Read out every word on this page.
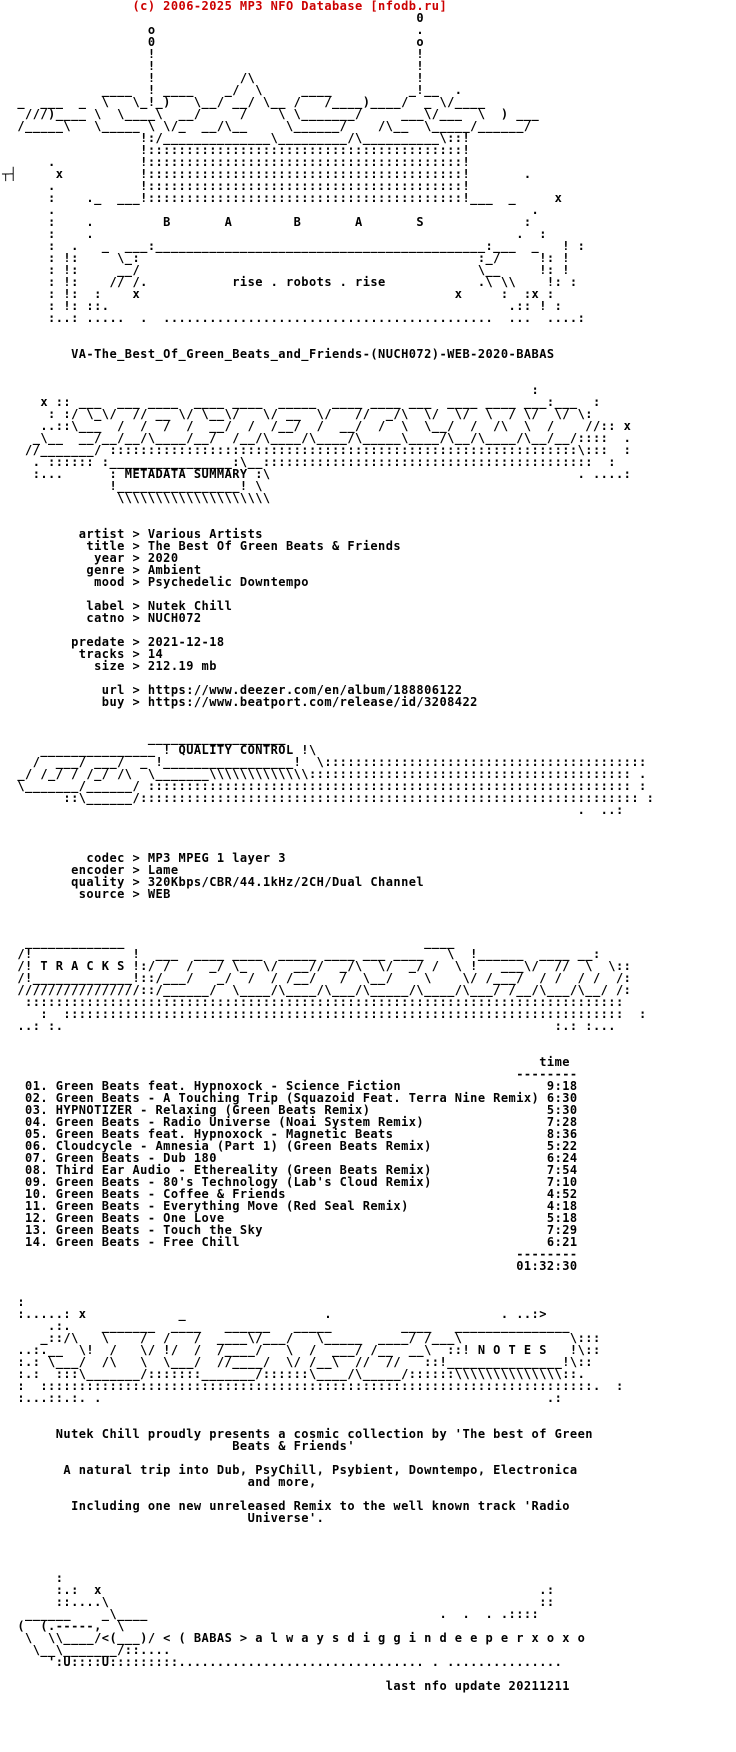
(c) 2006-2025 MP3 NFO Database [nfodb.ru]
0
o                                  .
0                                  o
!                                  !
!                                  !
!           /\                     !
____  ! ____    _/  \     ____          _!__  .
_  ___  _  \   \_!_)   \__/ __/ \__ /   /____)____/  _ \/____
///)____ \  \____\  __/     /    \ \_______/     ___\/___  \  ) ___
/_____\   \_____ \ \/_  __/\__     \______/    /\__  \_____/______/
!:/______________\_________/\__________\::!
!:::::::::::::::::::::::::::::::::::::::::!
.           !:::::::::::::::::::::::::::::::::::::::::!
┬┤     x          !:::::::::::::::::::::::::::::::::::::::::!       .
.           !:::::::::::::::::::::::::::::::::::::::::!
:    ._  ___!:::::::::::::::::::::::::::::::::::::::::!___  _     x
.                                                              .
:    .         B       A        B       A       S             :
:    .                                                       .  :
:  .   _  ___:___________________________________________:___  _   ! :
: !:     \_:                                            :_/     !: !
: !:     __/                                            \__     !: !
: !:    // /.           rise . robots . rise            .\ \\    !: :
: !:  :    x                                         x     :  :x :
: !: ::.                                                    .:: ! :
:..: .....  .  ...........................................  ...  ....:
VA-The_Best_Of_Green_Beats_and_Friends-(NUCH072)-WEB-2020-BABAS
:
x :: ___  ___ ____  ____ ____  _____  ____ ____ ___  ____ ____ ___:___  :
: :/ \_\/  // __ \/ \__\/   \/ __  \/   //  _/\  \/  \/  \  / \/  \/ \:
..::\___  /  /  /  /  __/  /  /__/  /  __/  /  \  \__/  /  /\  \  /    //:: x
_\__  __/__/__/\____/__/  /__/\____/\____/\_____\____/\__/\____/\__/__/::::  .
//_______/ :::::::::::::::::::::::::::::::::::::::::::::::::::::::::::::\:::  :
. :::::: :________________:\__:::::::::::::::::::::::::::::::::::::::::::  :
:...      : METADATA SUMMARY :\                                        . ....:
!________________! \
\\\\\\\\\\\\\\\\\\\\
artist > Various Artists
title > The Best Of Green Beats & Friends
year > 2020
genre > Ambient
mood > Psychedelic Downtempo
label > Nutek Chill
catno > NUCH072
predate > 2021-12-18
tracks > 14
size > 212.19 mb
url > https://www.deezer.com/en/album/188806122
buy > https://www.beatport.com/release/id/3208422
__________________
_______________ ! QUALITY CONTROL !\
/  ___/ ___/  _ !_________________!  \::::::::::::::::::::::::::::::::::::::::::
_/ /_/ / /_/ /\  \_______\\\\\\\\\\\\\:::::::::::::::::::::::::::::::::::::::::: .
\_______/______/ ::::::::::::::::::::::::::::::::::::::::::::::::::::::::::::::: :
::\______/::::::::::::::::::::::::::::::::::::::::::::::::::::::::::::::::: :
.  ..:
codec > MP3 MPEG 1 layer 3
encoder > Lame
quality > 320Kbps/CBR/44.1kHz/2CH/Dual Channel
source > WEB
_____________                                       ____
/!             !  ___  ____ ____  _____ ____ ___ ____   \  !______  ____ __:
/! T R A C K S !:/ /  /  _/ \_  \/  __//  _/\  \/  _/ /  \ !   ___\/  //  \  \::
/!_____________!::/___/   _/  /  / /__/   /  \__/    \    \/ /___/  / /  / /  /:
////////////////::/______/  \____/\____/\___/\_____/\____/\___/ /__/\___/\__/ /:
::::::::::::::::::::::::::::::::::::::::::::::::::::::::::::::::::::::::::::::
:  :::::::::::::::::::::::::::::::::::::::::::::::::::::::::::::::::::::::::  :
..: :.                                                                :.: :...
time
--------
01. Green Beats feat. Hypnoxock - Science Fiction                   9:18
02. Green Beats - A Touching Trip (Squazoid Feat. Terra Nine Remix) 6:30
03. HYPNOTIZER - Relaxing (Green Beats Remix)                       5:30
04. Green Beats - Radio Universe (Noai System Remix)                7:28
05. Green Beats feat. Hypnoxock - Magnetic Beats                    8:36
06. Cloudcycle - Amnesia (Part 1) (Green Beats Remix)               5:22
07. Green Beats - Dub 180                                           6:24
08. Third Ear Audio - Ethereality (Green Beats Remix)               7:54
09. Green Beats - 80's Technology (Lab's Cloud Remix)               7:10
10. Green Beats - Coffee & Friends                                  4:52
11. Green Beats - Everything Move (Red Seal Remix)                  4:18
12. Green Beats - One Love                                          5:18
13. Green Beats - Touch the Sky                                     7:29
14. Green Beats - Free Chill                                        6:21
--------
01:32:30
:
:.....: x            _                  .                      . ..:>
.:.    _______  ____   ______   _____         ____   _______________
_::/\   \    /  /   /  ____\/___/   \_____  ____/ /___\              \:::
..:.__  \!  /   \/ !/  /  /____/   \  /  ___/ /__  __\  ::! N O T E S   !\::
:.: \___/  /\   \  \___/  //____/  \/ /__\  //  //   ::!_______________!\::
:.:  :::\_______/:::::::_______/::::::\____/\_____/::::::\\\\\\\\\\\\\\::.
:  ::::::::::::::::::::::::::::::::::::::::::::::::::::::::::::::::::::::::.  :
:...::.:. .                                                          .:
Nutek Chill proudly presents a cosmic collection by 'The best of Green
Beats & Friends'
A natural trip into Dub, PsyChill, Psybient, Downtempo, Electronica
and more,
Including one new unreleased Remix to the well known track 'Radio
Universe'.
:
:.:  x                                                         .:
::....\                                                        ::
______    _\____                                      .  .  . .::::
(  (.-----,  \
\  \\____/<(___)/ < ( BABAS > a l w a y s d i g g i n d e e p e r x o x o
\__\_______/::....
':U::::U:::::::::................................ . ...............
last nfo update 20211211
